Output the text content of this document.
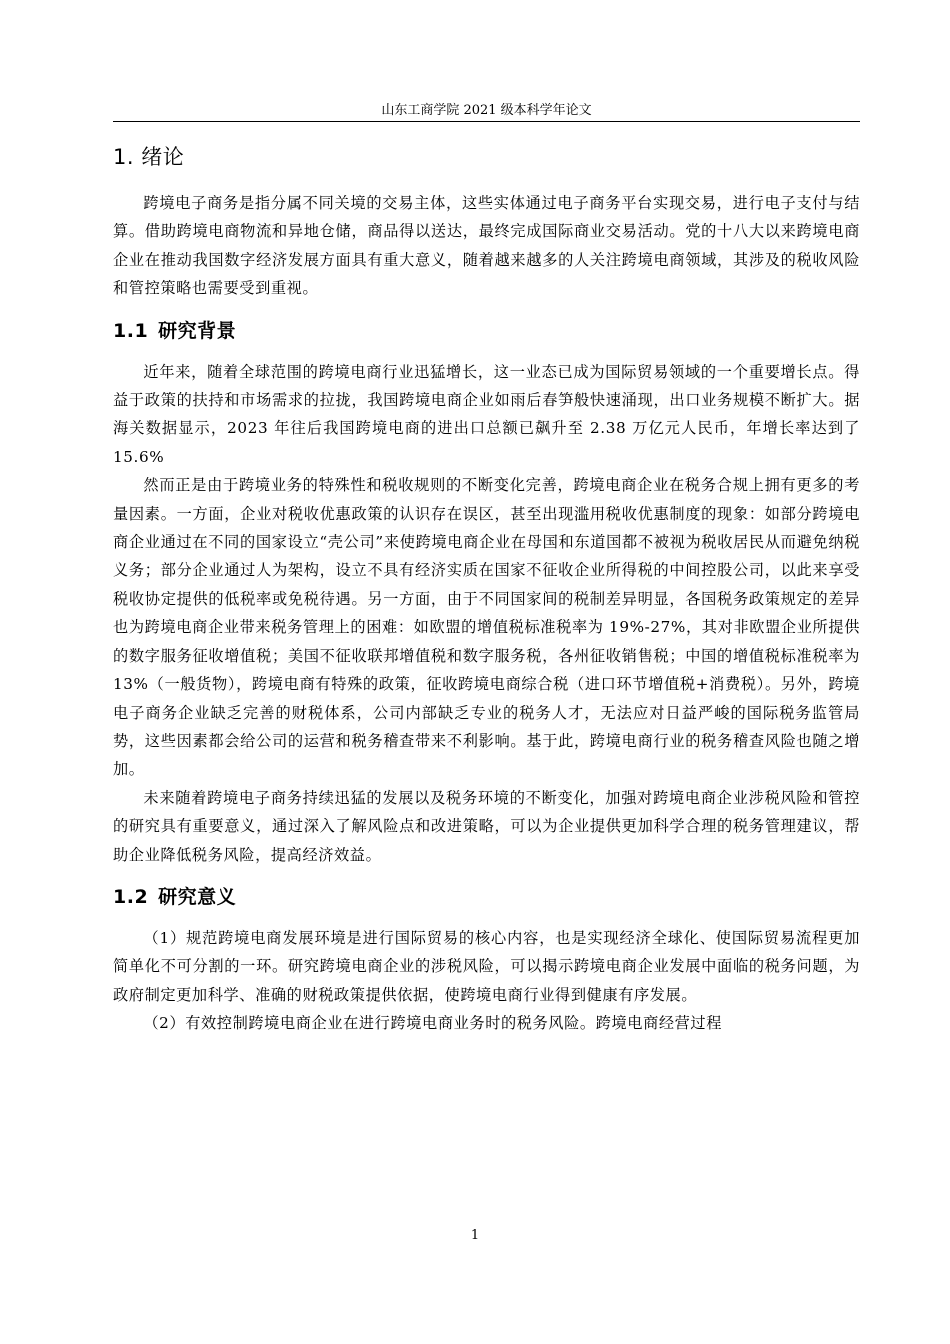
山东工商学院 2021 级本科学年论文
1. 绪论

跨境电子商务是指分属不同关境的交易主体，这些实体通过电子商务平台实现交易，进行电子支付与结算。借助跨境电商物流和异地仓储，商品得以送达，最终完成国际商业交易活动。党的十八大以来跨境电商企业在推动我国数字经济发展方面具有重大意义，随着越来越多的人关注跨境电商领域，其涉及的税收风险和管控策略也需要受到重视。

1.1 研究背景

近年来，随着全球范围的跨境电商行业迅猛增长，这一业态已成为国际贸易领域的一个重要增长点。得益于政策的扶持和市场需求的拉拢，我国跨境电商企业如雨后春笋般快速涌现，出口业务规模不断扩大。据海关数据显示，2023 年往后我国跨境电商的进出口总额已飙升至 2.38 万亿元人民币，年增长率达到了 15.6%

然而正是由于跨境业务的特殊性和税收规则的不断变化完善，跨境电商企业在税务合规上拥有更多的考量因素。一方面，企业对税收优惠政策的认识存在误区，甚至出现滥用税收优惠制度的现象：如部分跨境电商企业通过在不同的国家设立“壳公司”来使跨境电商企业在母国和东道国都不被视为税收居民从而避免纳税义务；部分企业通过人为架构，设立不具有经济实质在国家不征收企业所得税的中间控股公司，以此来享受税收协定提供的低税率或免税待遇。另一方面，由于不同国家间的税制差异明显，各国税务政策规定的差异也为跨境电商企业带来税务管理上的困难：如欧盟的增值税标准税率为 19%-27%，其对非欧盟企业所提供的数字服务征收增值税；美国不征收联邦增值税和数字服务税，各州征收销售税；中国的增值税标准税率为 13%（一般货物），跨境电商有特殊的政策，征收跨境电商综合税（进口环节增值税+消费税）。另外，跨境电子商务企业缺乏完善的财税体系，公司内部缺乏专业的税务人才，无法应对日益严峻的国际税务监管局势，这些因素都会给公司的运营和税务稽查带来不利影响。基于此，跨境电商行业的税务稽查风险也随之增加。

未来随着跨境电子商务持续迅猛的发展以及税务环境的不断变化，加强对跨境电商企业涉税风险和管控的研究具有重要意义，通过深入了解风险点和改进策略，可以为企业提供更加科学合理的税务管理建议，帮助企业降低税务风险，提高经济效益。

1.2 研究意义

（1）规范跨境电商发展环境是进行国际贸易的核心内容，也是实现经济全球化、使国际贸易流程更加简单化不可分割的一环。研究跨境电商企业的涉税风险，可以揭示跨境电商企业发展中面临的税务问题，为政府制定更加科学、准确的财税政策提供依据，使跨境电商行业得到健康有序发展。

（2）有效控制跨境电商企业在进行跨境电商业务时的税务风险。跨境电商经营过程

1
